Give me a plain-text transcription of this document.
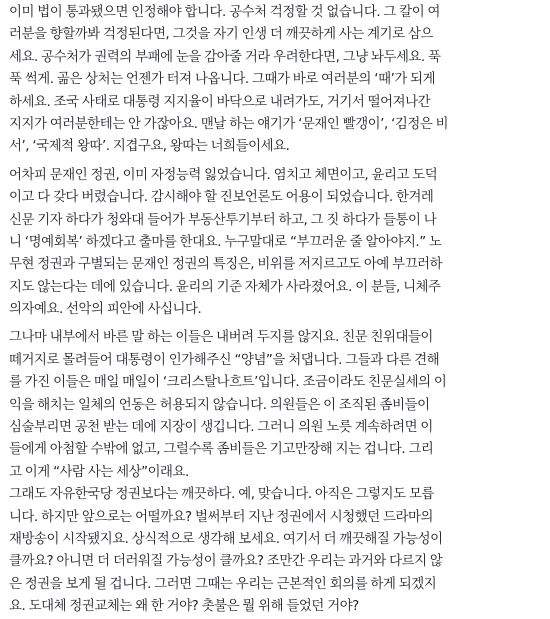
이미 법이 통과됐으면 인정해야 합니다. 공수처 걱정할 것 없습니다. 그 칼이 여
러분을 향할까봐 걱정된다면, 그것을 자기 인생 더 깨끗하게 사는 계기로 삼으
세요. 공수처가 권력의 부패에 눈을 감아줄 거라 우려한다면, 그냥 놔두세요. 푹
푹 썩게. 곪은 상처는 언젠가 터져 나옵니다. 그때가 바로 여러분의 ‘때’가 되게
하세요. 조국 사태로 대통령 지지율이 바닥으로 내려가도, 거기서 떨어져나간
지지가 여러분한테는 안 가잖아요. 맨날 하는 얘기가 ‘문재인 빨갱이’, ‘김정은 비
서’, ‘국제적 왕따’. 지겹구요, 왕따는 너희들이세요.
어차피 문재인 정권, 이미 자정능력 잃었습니다. 염치고 체면이고, 윤리고 도덕
이고 다 갖다 버렸습니다. 감시해야 할 진보언론도 어용이 되었습니다. 한겨레
신문 기자 하다가 청와대 들어가 부동산투기부터 하고, 그 짓 하다가 들통이 나
니 ‘명예회복’ 하겠다고 출마를 한대요. 누구말대로 “부끄러운 줄 알아야지.” 노
무현 정권과 구별되는 문재인 정권의 특징은, 비위를 저지르고도 아예 부끄러하
지도 않는다는 데에 있습니다. 윤리의 기준 자체가 사라졌어요. 이 분들, 니체주
의자예요. 선악의 피안에 사십니다.
그나마 내부에서 바른 말 하는 이들은 내버려 두지를 않지요. 친문 친위대들이
떼거지로 몰려들어 대통령이 인가해주신 “양념”을 처댑니다. 그들과 다른 견해
를 가진 이들은 매일 매일이 ‘크리스탈나흐트’입니다. 조금이라도 친문실세의 이
익을 해치는 일체의 언동은 허용되지 않습니다. 의원들은 이 조직된 좀비들이
심술부리면 공천 받는 데에 지장이 생깁니다. 그러니 의원 노릇 계속하려면 이
들에게 아첨할 수밖에 없고, 그럴수록 좀비들은 기고만장해 지는 겁니다. 그리
고 이게 “사람 사는 세상”이래요.
그래도 자유한국당 정권보다는 깨끗하다. 예, 맞습니다. 아직은 그렇지도 모릅
니다. 하지만 앞으로는 어떨까요? 벌써부터 지난 정권에서 시청했던 드라마의
재방송이 시작됐지요. 상식적으로 생각해 보세요. 여기서 더 깨끗해질 가능성이
클까요? 아니면 더 더러워질 가능성이 클까요? 조만간 우리는 과거와 다르지 않
은 정권을 보게 될 겁니다. 그러면 그때는 우리는 근본적인 회의를 하게 되겠지
요. 도대체 정권교체는 왜 한 거야? 촛불은 뭘 위해 들었던 거야?
